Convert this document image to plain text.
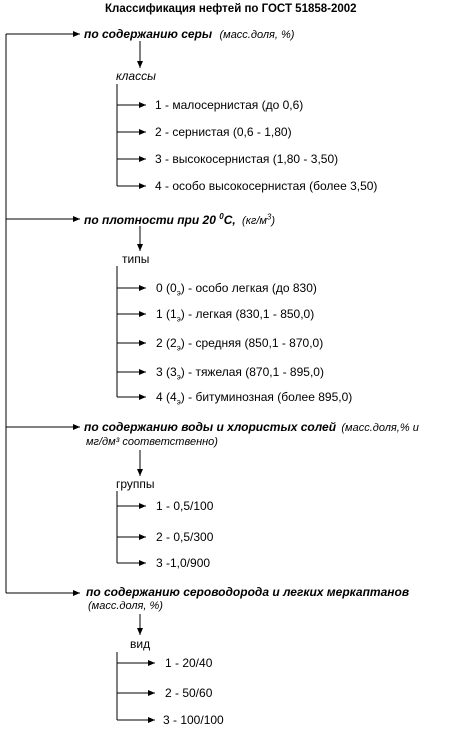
Классификация нефтей по ГОСТ 51858-2002
по содержанию серы (масс.доля, %)
классы
1 - малосернистая (до 0,6)
2 - сернистая (0,6 - 1,80)
3 - высокосернистая (1,80 - 3,50)
4 - особо высокосернистая (более 3,50)
по плотности при 20 $^0$С, $(кг/м^3)$
типы
0 $(0_э)$ - особо легкая (до 830)
1 $(1_э)$ - легкая (830,1 - 850,0)
2 $(2_э)$ - средняя (850,1 - 870,0)
3 $(3_э)$ - тяжелая (870,1 - 895,0)
4 $(4_э)$ - битуминозная (более 895,0)
по содержанию воды и хлористых солей (масс.доля,% и
мг/дм³ соответственно)
группы
1 - 0,5/100
2 - 0,5/300
3 -1,0/900
по содержанию сероводорода и легких меркаптанов
(масс.доля, %)
вид
1 - 20/40
2 - 50/60
3 - 100/100
